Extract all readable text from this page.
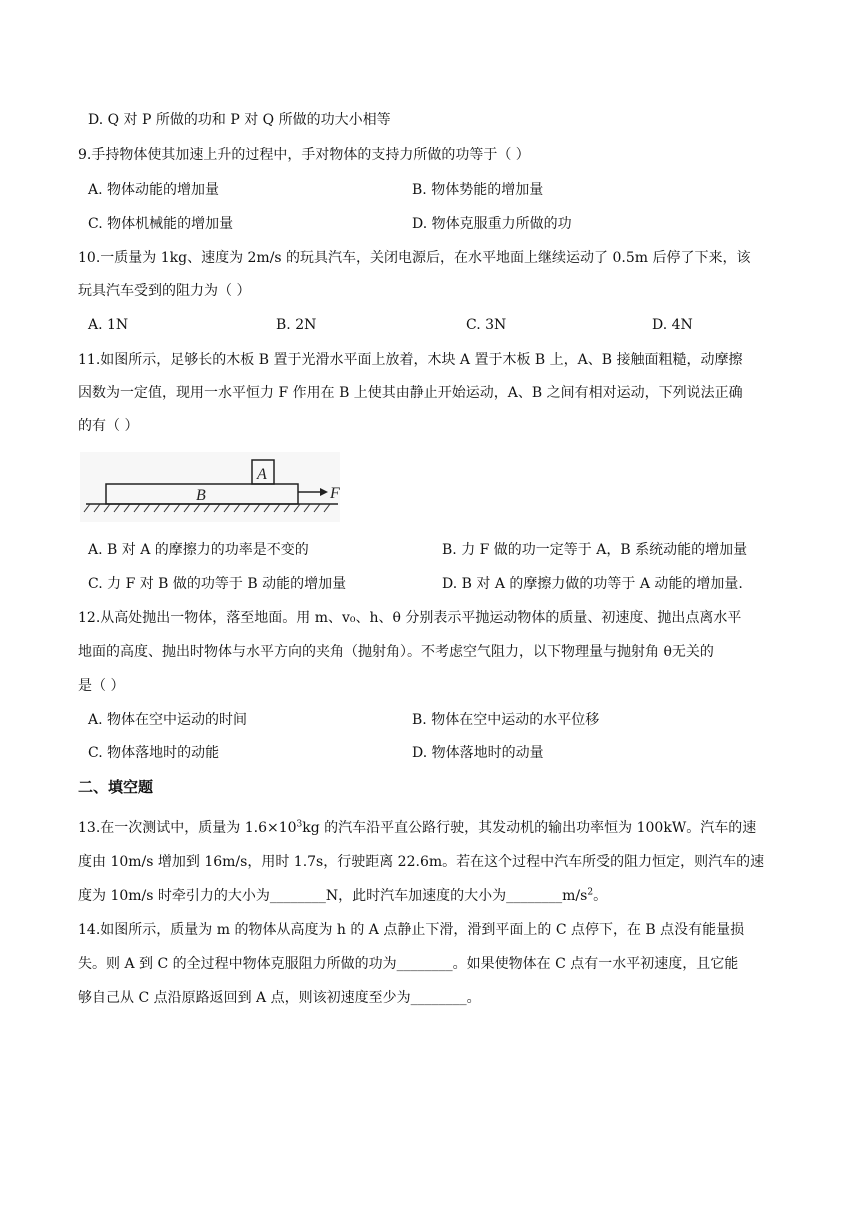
D. Q 对 P 所做的功和 P 对 Q 所做的功大小相等
9.手持物体使其加速上升的过程中，手对物体的支持力所做的功等于（ ）
A. 物体动能的增加量	B. 物体势能的增加量
C. 物体机械能的增加量	D. 物体克服重力所做的功
10.一质量为 1kg、速度为 2m/s 的玩具汽车，关闭电源后，在水平地面上继续运动了 0.5m 后停了下来，该
玩具汽车受到的阻力为（ ）
A. 1N	B. 2N	C. 3N	D. 4N
11.如图所示，足够长的木板 B 置于光滑水平面上放着，木块 A 置于木板 B 上，A、B 接触面粗糙，动摩擦
因数为一定值，现用一水平恒力 F 作用在 B 上使其由静止开始运动，A、B 之间有相对运动，下列说法正确
的有（ ）
A
B	F
A. B 对 A 的摩擦力的功率是不变的	B. 力 F 做的功一定等于 A，B 系统动能的增加量
C. 力 F 对 B 做的功等于 B 动能的增加量	D. B 对 A 的摩擦力做的功等于 A 动能的增加量.
12.从高处抛出一物体，落至地面。用 m、v₀、h、θ 分别表示平抛运动物体的质量、初速度、抛出点离水平
地面的高度、抛出时物体与水平方向的夹角（抛射角）。不考虑空气阻力，以下物理量与抛射角 θ无关的
是（ ）
A. 物体在空中运动的时间	B. 物体在空中运动的水平位移
C. 物体落地时的动能	D. 物体落地时的动量
二、填空题
13.在一次测试中，质量为 $1.6\times 10^3kg$ 的汽车沿平直公路行驶，其发动机的输出功率恒为 100kW。汽车的速
度由 10m/s 增加到 16m/s，用时 1.7s，行驶距离 22.6m。若在这个过程中汽车所受的阻力恒定，则汽车的速
度为 10m/s 时牵引力的大小为________N，此时汽车加速度的大小为$\_\_\_\_\_\_\_\_m/s^2$。
14.如图所示，质量为 m 的物体从高度为 h 的 A 点静止下滑，滑到平面上的 C 点停下，在 B 点没有能量损
失。则 A 到 C 的全过程中物体克服阻力所做的功为________。如果使物体在 C 点有一水平初速度，且它能
够自己从 C 点沿原路返回到 A 点，则该初速度至少为________。
